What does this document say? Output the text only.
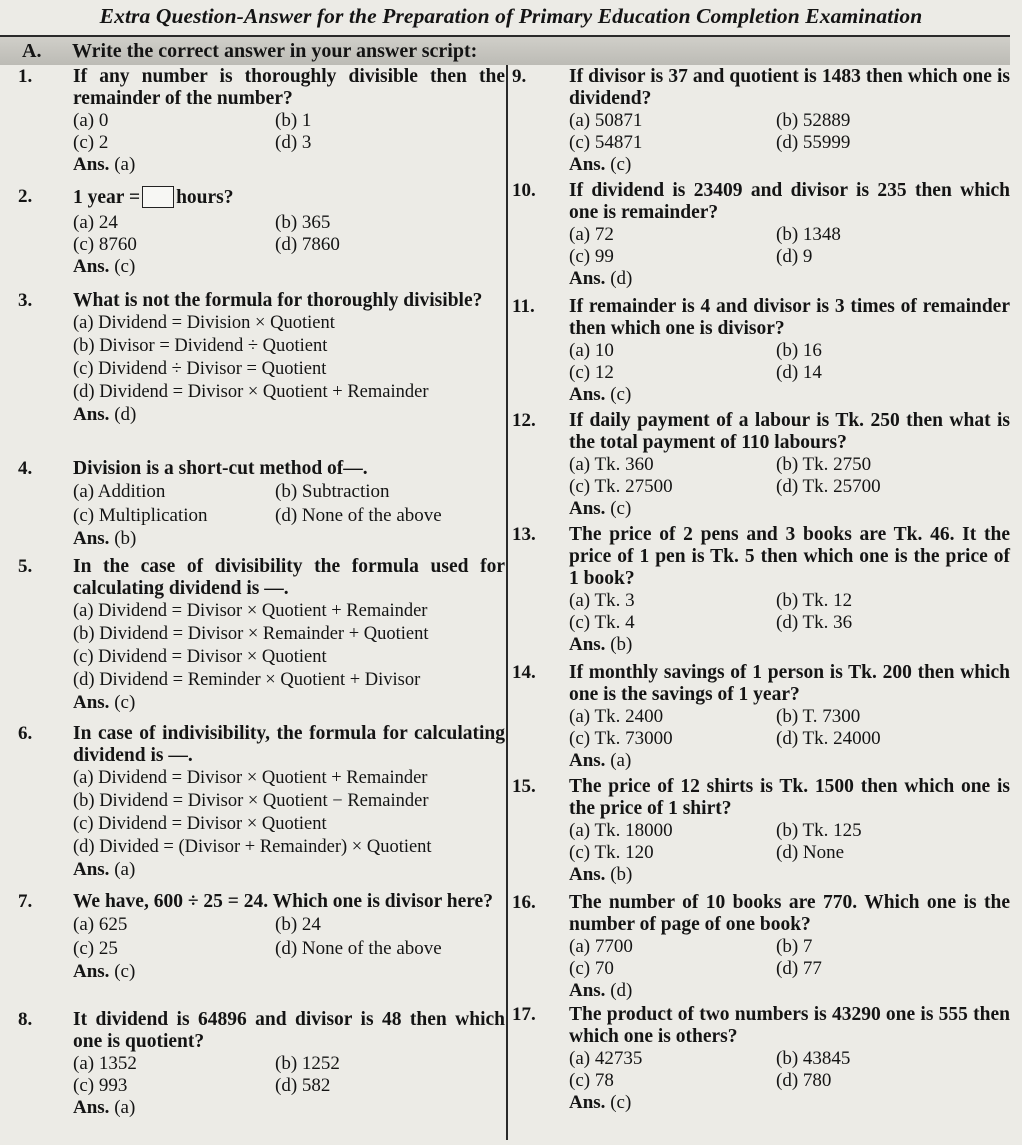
Extra Question-Answer for the Preparation of Primary Education Completion Examination
A. Write the correct answer in your answer script:
1. If any number is thoroughly divisible then the remainder of the number?
(a) 0	(b) 1
(c) 2	(d) 3
Ans. (a)
2. 1 year = hours?
(a) 24	(b) 365
(c) 8760	(d) 7860
Ans. (c)
3. What is not the formula for thoroughly divisible?
(a) Dividend = Division × Quotient
(b) Divisor = Dividend ÷ Quotient
(c) Dividend ÷ Divisor = Quotient
(d) Dividend = Divisor × Quotient + Remainder
Ans. (d)
4. Division is a short-cut method of—.
(a) Addition	(b) Subtraction
(c) Multiplication	(d) None of the above
Ans. (b)
5. In the case of divisibility the formula used for calculating dividend is —.
(a) Dividend = Divisor × Quotient + Remainder
(b) Dividend = Divisor × Remainder + Quotient
(c) Dividend = Divisor × Quotient
(d) Dividend = Reminder × Quotient + Divisor
Ans. (c)
6. In case of indivisibility, the formula for calculating dividend is —.
(a) Dividend = Divisor × Quotient + Remainder
(b) Dividend = Divisor × Quotient − Remainder
(c) Dividend = Divisor × Quotient
(d) Divided = (Divisor + Remainder) × Quotient
Ans. (a)
7. We have, 600 ÷ 25 = 24. Which one is divisor here?
(a) 625	(b) 24
(c) 25	(d) None of the above
Ans. (c)
8. It dividend is 64896 and divisor is 48 then which one is quotient?
(a) 1352	(b) 1252
(c) 993	(d) 582
Ans. (a)
9. If divisor is 37 and quotient is 1483 then which one is dividend?
(a) 50871	(b) 52889
(c) 54871	(d) 55999
Ans. (c)
10. If dividend is 23409 and divisor is 235 then which one is remainder?
(a) 72	(b) 1348
(c) 99	(d) 9
Ans. (d)
11. If remainder is 4 and divisor is 3 times of remainder then which one is divisor?
(a) 10	(b) 16
(c) 12	(d) 14
Ans. (c)
12. If daily payment of a labour is Tk. 250 then what is the total payment of 110 labours?
(a) Tk. 360	(b) Tk. 2750
(c) Tk. 27500	(d) Tk. 25700
Ans. (c)
13. The price of 2 pens and 3 books are Tk. 46. It the price of 1 pen is Tk. 5 then which one is the price of 1 book?
(a) Tk. 3	(b) Tk. 12
(c) Tk. 4	(d) Tk. 36
Ans. (b)
14. If monthly savings of 1 person is Tk. 200 then which one is the savings of 1 year?
(a) Tk. 2400	(b) T. 7300
(c) Tk. 73000	(d) Tk. 24000
Ans. (a)
15. The price of 12 shirts is Tk. 1500 then which one is the price of 1 shirt?
(a) Tk. 18000	(b) Tk. 125
(c) Tk. 120	(d) None
Ans. (b)
16. The number of 10 books are 770. Which one is the number of page of one book?
(a) 7700	(b) 7
(c) 70	(d) 77
Ans. (d)
17. The product of two numbers is 43290 one is 555 then which one is others?
(a) 42735	(b) 43845
(c) 78	(d) 780
Ans. (c)
